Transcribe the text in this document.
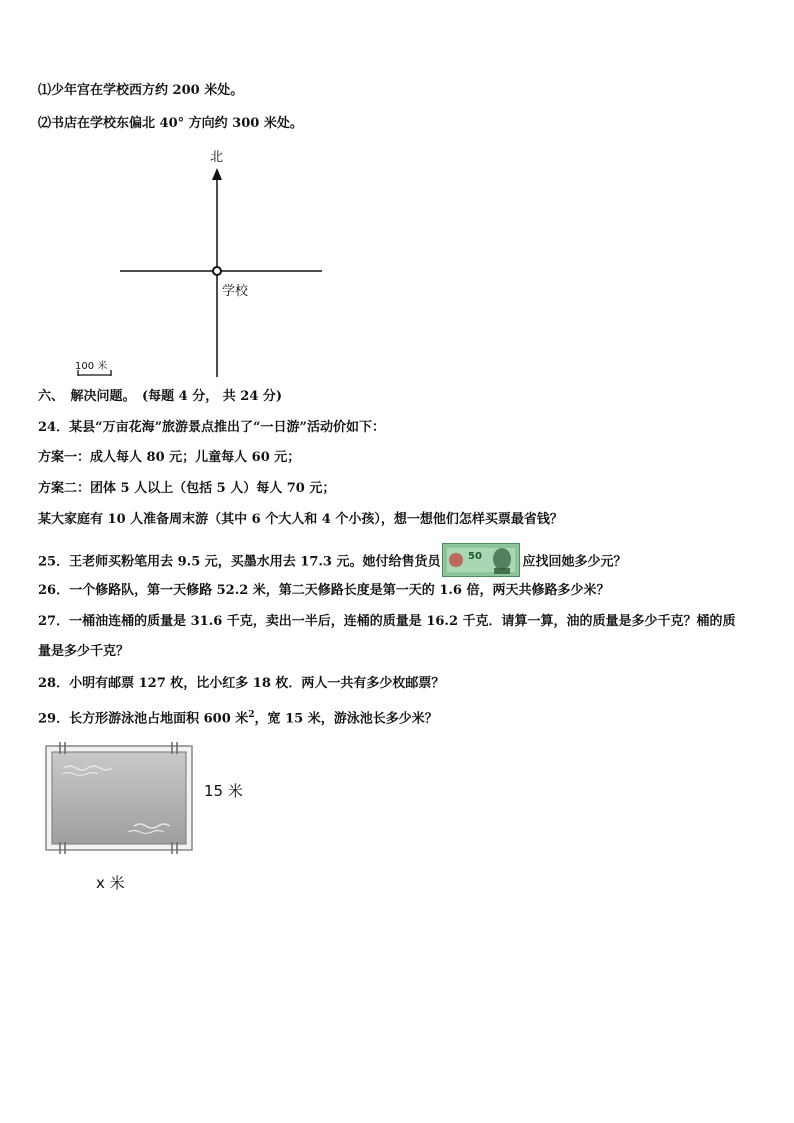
⑴少年宫在学校西方约 200 米处。
⑵书店在学校东偏北 40° 方向约 300 米处。
北
学校
100 米
六、　解决问题。　(每题 4 分， 共 24 分)
24．某县“万亩花海”旅游景点推出了“一日游”活动价如下：
方案一：成人每人 80 元；儿童每人 60 元；
方案二：团体 5 人以上（包括 5 人）每人 70 元；
某大家庭有 10 人准备周末游（其中 6 个大人和 4 个小孩），想一想他们怎样买票最省钱？
25．王老师买粉笔用去 9.5 元，买墨水用去 17.3 元。她付给售货员	50	应找回她多少元？
26．一个修路队，第一天修路 52.2 米，第二天修路长度是第一天的 1.6 倍，两天共修路多少米？
27．一桶油连桶的质量是 31.6 千克，卖出一半后，连桶的质量是 16.2 千克．请算一算，油的质量是多少千克？桶的质
量是多少千克？
28．小明有邮票 127 枚，比小红多 18 枚．两人一共有多少枚邮票？
29．长方形游泳池占地面积 600 米$^2$，宽 15 米，游泳池长多少米？
15 米
x 米
